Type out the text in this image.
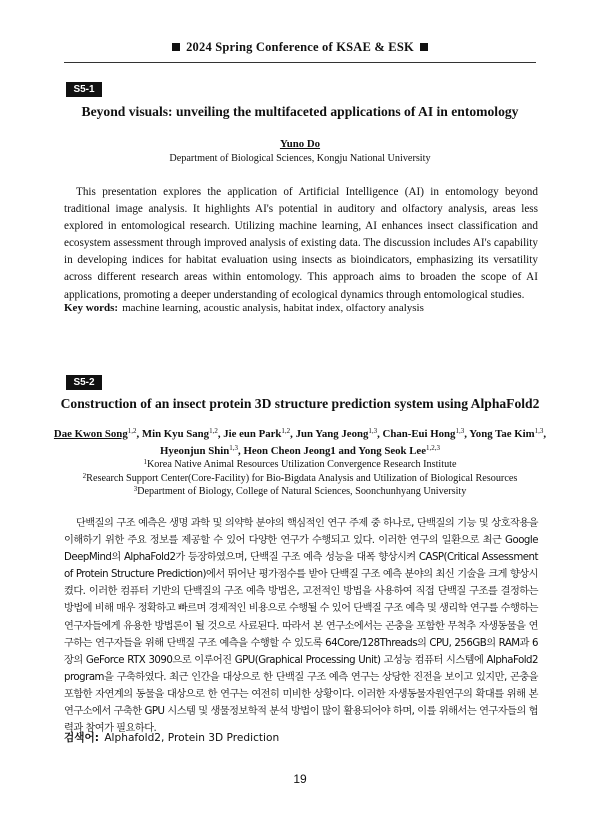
2024 Spring Conference of KSAE & ESK
S5-1
Beyond visuals: unveiling the multifaceted applications of AI in entomology
Yuno Do
Department of Biological Sciences, Kongju National University

This presentation explores the application of Artificial Intelligence (AI) in entomology beyond traditional image analysis. It highlights AI's potential in auditory and olfactory analysis, areas less explored in entomological research. Utilizing machine learning, AI enhances insect classification and ecosystem assessment through improved analysis of existing data. The discussion includes AI's capability in developing indices for habitat evaluation using insects as bioindicators, emphasizing its versatility across different research areas within entomology. This approach aims to broaden the scope of AI applications, promoting a deeper understanding of ecological dynamics through entomological studies.

Key words: machine learning, acoustic analysis, habitat index, olfactory analysis
S5-2
Construction of an insect protein 3D structure prediction system using AlphaFold2
Dae Kwon Song$^{1,2}$, Min Kyu Sang$^{1,2}$, Jie eun Park$^{1,2}$, Jun Yang Jeong$^{1,3}$, Chan-Eui Hong$^{1,3}$, Yong Tae Kim$^{1,3}$,
Hyeonjun Shin$^{1,3}$, Heon Cheon Jeong1 and Yong Seok Lee$^{1,2,3}$
$^1$Korea Native Animal Resources Utilization Convergence Research Institute
$^2$Research Support Center(Core-Facility) for Bio-Bigdata Analysis and Utilization of Biological Resources
$^3$Department of Biology, College of Natural Sciences, Soonchunhyang University

단백질의 구조 예측은 생명 과학 및 의약학 분야의 핵심적인 연구 주제 중 하나로, 단백질의 기능 및 상호작용을 이해하기 위한 주요 정보를 제공할 수 있어 다양한 연구가 수행되고 있다. 이러한 연구의 일환으로 최근 Google DeepMind의 AlphaFold2가 등장하였으며, 단백질 구조 예측 성능을 대폭 향상시켜 CASP(Critical Assessment of Protein Structure Prediction)에서 뛰어난 평가점수를 받아 단백질 구조 예측 분야의 최신 기술을 크게 향상시켰다. 이러한 컴퓨터 기반의 단백질의 구조 예측 방법은, 고전적인 방법을 사용하여 직접 단백질 구조를 결정하는 방법에 비해 매우 정확하고 빠르며 경제적인 비용으로 수행될 수 있어 단백질 구조 예측 및 생리학 연구를 수행하는 연구자들에게 유용한 방법론이 될 것으로 사료된다. 따라서 본 연구소에서는 곤충을 포함한 무척추 자생동물을 연구하는 연구자들을 위해 단백질 구조 예측을 수행할 수 있도록 64Core/128Threads의 CPU, 256GB의 RAM과 6장의 GeForce RTX 3090으로 이루어진 GPU(Graphical Processing Unit) 고성능 컴퓨터 시스템에 AlphaFold2 program을 구축하였다. 최근 인간을 대상으로 한 단백질 구조 예측 연구는 상당한 진전을 보이고 있지만, 곤충을 포함한 자연계의 동물을 대상으로 한 연구는 여전히 미비한 상황이다. 이러한 자생동물자원연구의 확대를 위해 본 연구소에서 구축한 GPU 시스템 및 생물정보학적 분석 방법이 많이 활용되어야 하며, 이를 위해서는 연구자들의 협력과 참여가 필요하다.

검색어: Alphafold2, Protein 3D Prediction
19
